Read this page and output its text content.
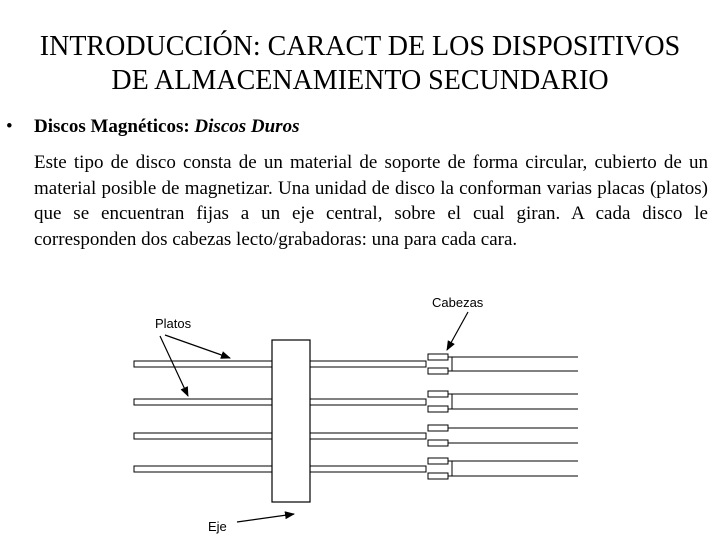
INTRODUCCIÓN: CARACT DE LOS DISPOSITIVOS
DE ALMACENAMIENTO SECUNDARIO
• Discos Magnéticos: Discos Duros
Este tipo de disco consta de un material de soporte de forma circular, cubierto de un material posible de magnetizar. Una unidad de disco la conforman varias placas (platos) que se encuentran fijas a un eje central, sobre el cual giran. A cada disco le corresponden dos cabezas lecto/grabadoras: una para cada cara.
Platos
Cabezas
Eje
